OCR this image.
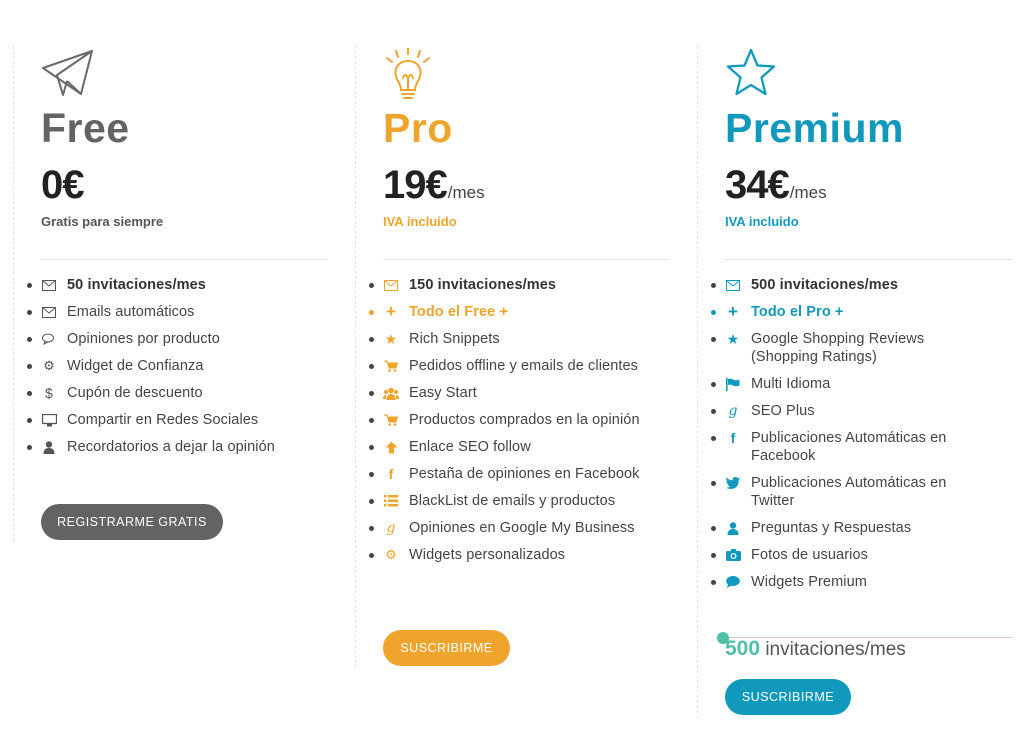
Free
0€
Gratis para siempre
50 invitaciones/mes
Emails automáticos
Opiniones por producto
⚙ Widget de Confianza
$ Cupón de descuento
Compartir en Redes Sociales
Recordatorios a dejar la opinión
REGISTRARME GRATIS
Pro
19€/mes
IVA incluido
150 invitaciones/mes
+ Todo el Free +
★ Rich Snippets
Pedidos offline y emails de clientes
Easy Start
Productos comprados en la opinión
Enlace SEO follow
f	Pestaña de opiniones en Facebook
BlackList de emails y productos
g Opiniones en Google My Business
⚙ Widgets personalizados
SUSCRIBIRME
Premium
34€/mes
IVA incluido
500 invitaciones/mes
+ Todo el Pro +
★ Google Shopping Reviews (Shopping Ratings)
Multi Idioma
g SEO Plus
f	Publicaciones Automáticas en Facebook
Publicaciones Automáticas en Twitter
Preguntas y Respuestas
Fotos de usuarios
Widgets Premium
500 invitaciones/mes
SUSCRIBIRME
